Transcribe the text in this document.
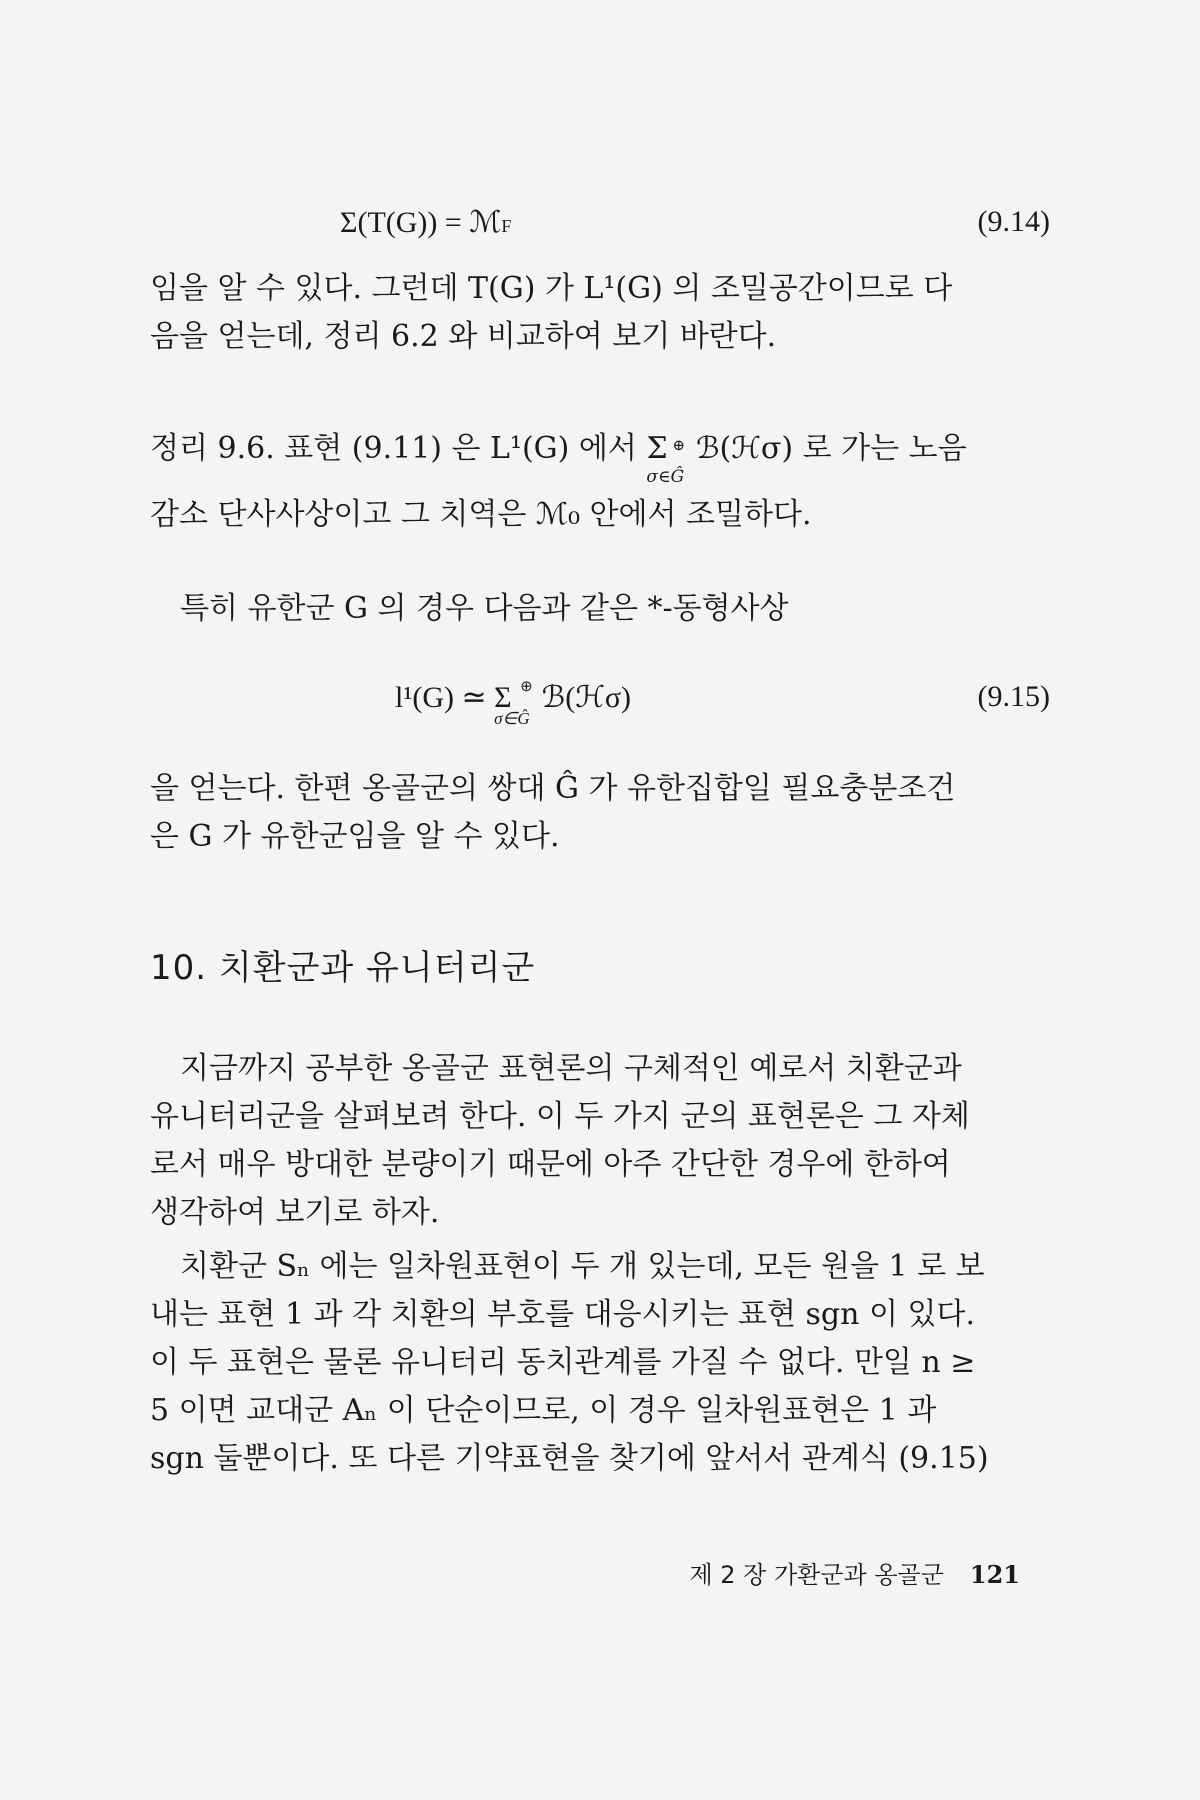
Σ(T(G)) = ℳF	(9.14)
임을 알 수 있다. 그런데 T(G) 가 L¹(G) 의 조밀공간이므로 다
음을 얻는데, 정리 6.2 와 비교하여 보기 바란다.
정리 9.6. 표현 (9.11) 은 L¹(G) 에서 Σ ⊕
σ∈Ĝ
ℬ(ℋσ) 로 가는 노음
감소 단사사상이고 그 치역은 ℳ₀ 안에서 조밀하다.
특히 유한군 G 의 경우 다음과 같은 *-동형사상
l¹(G) ≃ Σ ⊕
σ∈Ĝ
ℬ(ℋσ)	(9.15)
을 얻는다. 한편 옹골군의 쌍대 Ĝ 가 유한집합일 필요충분조건
은 G 가 유한군임을 알 수 있다.
10. 치환군과 유니터리군
지금까지 공부한 옹골군 표현론의 구체적인 예로서 치환군과
유니터리군을 살펴보려 한다. 이 두 가지 군의 표현론은 그 자체
로서 매우 방대한 분량이기 때문에 아주 간단한 경우에 한하여
생각하여 보기로 하자.
치환군 Sₙ 에는 일차원표현이 두 개 있는데, 모든 원을 1 로 보
내는 표현 1 과 각 치환의 부호를 대응시키는 표현 sgn 이 있다.
이 두 표현은 물론 유니터리 동치관계를 가질 수 없다. 만일 n ≥
5 이면 교대군 Aₙ 이 단순이므로, 이 경우 일차원표현은 1 과
sgn 둘뿐이다. 또 다른 기약표현을 찾기에 앞서서 관계식 (9.15)
제 2 장 가환군과 옹골군 121
